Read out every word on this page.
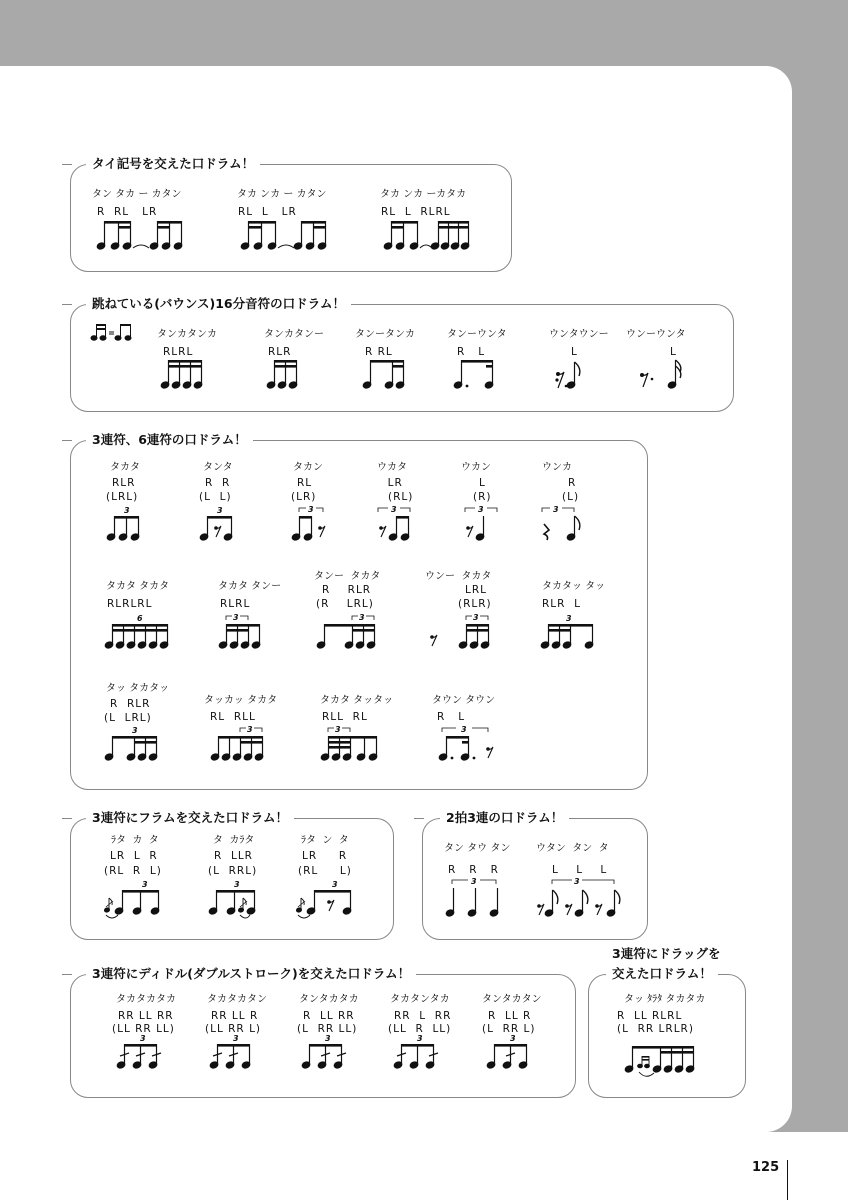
125
タイ記号を交えた口ドラム！
タン タカ ー カタン
R  RL   LR
タカ ンカ ー カタン
RL  L   LR
タカ ンカ ーカタカ
RL  L  RLRL
跳ねている(バウンス)16分音符の口ドラム！
タンカタンカ
RLRL
タンカタンー
RLR
タンータンカ
R RL
タンーウンタ
R   L
ウンタウンー
L
ウンーウンタ
L
3連符、6連符の口ドラム！
タカタ
RLR
(LRL)
タンタ
R  R
(L  L)
タカン
RL
(LR)
ウカタ
LR
(RL)
ウカン
L
(R)
ウンカ
R
(L)
3	3	3	3	3	3
タカタ タカタ
RLRLRL
タカタ タンー
RLRL
タンー  タカタ
R    RLR
(R    LRL)
ウンー  タカタ
LRL
(RLR)
タカタッ タッ
RLR  L
6	3	3	3	3
タッ タカタッ
R  RLR
(L  LRL)
タッカッ タカタ
RL  RLL
タカタ タッタッ
RLL  RL
タウン タウン
R   L
3	3	3	3
3連符にフラムを交えた口ドラム！
ﾗタ  カ  タ
LR  L  R
(RL  R  L)
タ  カﾗタ
R  LLR
(L  RRL)
ﾗタ  ン  タ
LR     R
(RL     L)
3	3	3
2拍3連の口ドラム！
タン タウ タン
R   R   R
ウタン  タン  タ
L    L    L
3	3
3連符にディドル(ダブルストローク)を交えた口ドラム！
タカタカタカ
RR LL RR
(LL RR LL)
タカタカタン
RR LL R
(LL RR L)
タンタカタカ
R  LL RR
(L  RR LL)
タカタンタカ
RR  L  RR
(LL  R  LL)
タンタカタン
R  LL R
(L  RR L)
3	3	3	3	3
3連符にドラッグを
交えた口ドラム！
タッ ﾀﾗﾀ タカタカ
R  LL RLRL
(L  RR LRLR)
